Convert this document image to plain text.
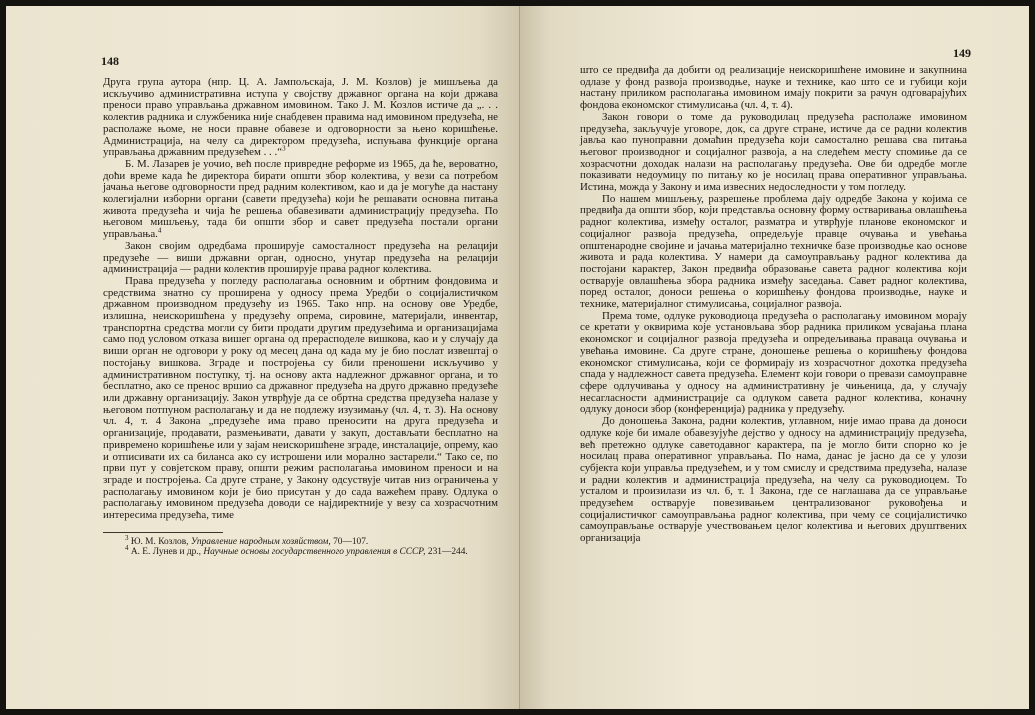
148

Друга група аутора (нпр. Ц. А. Јампољскаја, Ј. М. Козлов) је мишљења да искључиво административна иступа у својству државног органа на који држава преноси право управљања државном имовином. Тако Ј. М. Козлов истиче да „. . . колектив радника и службеника није снабдевен правима над имовином предузећа, не располаже њоме, не носи правне обавезе и одговорности за њено коришћење. Администрација, на челу са директором предузећа, испуњава функције органа управљања државним предузећем . . .“$^3$

Б. М. Лазарев је уочио, већ после привредне реформе из 1965, да ће, вероватно, доћи време када ће директора бирати општи збор колектива, у вези са потребом јачања његове одговорности пред радним колективом, као и да је могуће да настану колегијални изборни органи (савети предузећа) који ће решавати основна питања живота предузећа и чија ће решења обавезивати администрацију предузећа. По његовом мишљењу, тада би општи збор и савет предузећа постали органи управљања.$^4$

Закон својим одредбама проширује самосталност предузећа на релацији предузеће — виши државни орган, односно, унутар предузећа на релацији администрација — радни колектив проширује права радног колектива.

Права предузећа у погледу располагања основним и обртним фондовима и средствима знатно су проширена у односу према Уредби о социјалистичком државном производном предузећу из 1965. Тако нпр. на основу ове Уредбе, излишна, неискоришћена у предузећу опрема, сировине, материјали, инвентар, транспортна средства могли су бити продати другим предузећима и организацијама само под условом отказа вишег органа од прерасподеле вишкова, као и у случају да виши орган не одговори у року од месец дана од када му је био послат извештај о постојању вишкова. Зграде и постројења су били преношени искључиво у административном поступку, тј. на основу акта надлежног државног органа, и то бесплатно, ако се пренос вршио са државног предузећа на друго државно предузеће или државну организацију. Закон утврђује да се обртна средства предузећа налазе у његовом потпуном располагању и да не подлежу изузимању (чл. 4, т. 3). На основу чл. 4, т. 4 Закона „предузеће има право преносити на друга предузећа и организације, продавати, размењивати, давати у закуп, достављати бесплатно на привремено коришћење или у зајам неискоришћене зграде, инсталације, опрему, као и отписивати их са биланса ако су истрошени или морално застарели.“ Тако се, по први пут у совјетском праву, општи режим располагања имовином преноси и на зграде и постројења. Са друге стране, у Закону одсуствује читав низ ограничења у располагању имовином који је био присутан у до сада важећем праву. Одлука о располагању имовином предузећа доводи се најдиректније у везу са хозрасчотним интересима предузећа, тиме

$^3$ Ю. М. Козлов, Управление народным хозяйством, 70—107.

$^4$ А. Е. Лунев и др., Научные основы государственного управления в СССР, 231—244.

149

што се предвиђа да добити од реализације неискоришћене имовине и закупнина одлазе у фонд развоја производње, науке и технике, као што се и губици који настану приликом располагања имовином имају покрити за рачун одговарајућих фондова економског стимулисања (чл. 4, т. 4).

Закон говори о томе да руководилац предузећа располаже имовином предузећа, закључује уговоре, док, са друге стране, истиче да се радни колектив јавља као пуноправни домаћин предузећа који самостално решава сва питања његовог производног и социјалног развоја, а на следећем месту спомиње да се хозрасчотни доходак налази на располагању предузећа. Ове би одредбе могле показивати недоумицу по питању ко је носилац права оперативног управљања. Истина, можда у Закону и има извесних недоследности у том погледу.

По нашем мишљењу, разрешење проблема дају одредбе Закона у којима се предвиђа да општи збор, који представља основну форму остваривања овлашћења радног колектива, између осталог, разматра и утврђује планове економског и социјалног развоја предузећа, опредељује правце очувања и увећања општенародне својине и јачања материјално техничке базе производње као основе живота и рада колектива. У намери да самоуправљању радног колектива да постојани карактер, Закон предвиђа образовање савета радног колектива који остварује овлашћења збора радника између заседања. Савет радног колектива, поред осталог, доноси решења о коришћењу фондова производње, науке и технике, материјалног стимулисања, социјалног развоја.

Према томе, одлуке руководиоца предузећа о располагању имовином морају се кретати у оквирима које установљава збор радника приликом усвајања плана економског и социјалног развоја предузећа и опредељивања праваца очувања и увећања имовине. Са друге стране, доношење решења о коришћењу фондова економског стимулисања, који се формирају из хозрасчотног дохотка предузећа спада у надлежност савета предузећа. Елемент који говори о превази самоуправне сфере одлучивања у односу на административну је чињеница, да, у случају несагласности администрације са одлуком савета радног колектива, коначну одлуку доноси збор (конференција) радника у предузећу.

До доношења Закона, радни колектив, углавном, није имао права да доноси одлуке које би имале обавезујуће дејство у односу на администрацију предузећа, већ претежно одлуке саветодавног карактера, па је могло бити спорно ко је носилац права оперативног управљања. По нама, данас је јасно да се у улози субјекта који управља предузећем, и у том смислу и средствима предузећа, налазе и радни колектив и администрација предузећа, на челу са руководиоцем. То усталом и произилази из чл. 6, т. 1 Закона, где се наглашава да се управљање предузећем остварује повезивањем централизованог руковођења и социјалистичког самоуправљања радног колектива, при чему се социјалистичко самоуправљање остварује учествовањем целог колектива и његових друштвених организација
